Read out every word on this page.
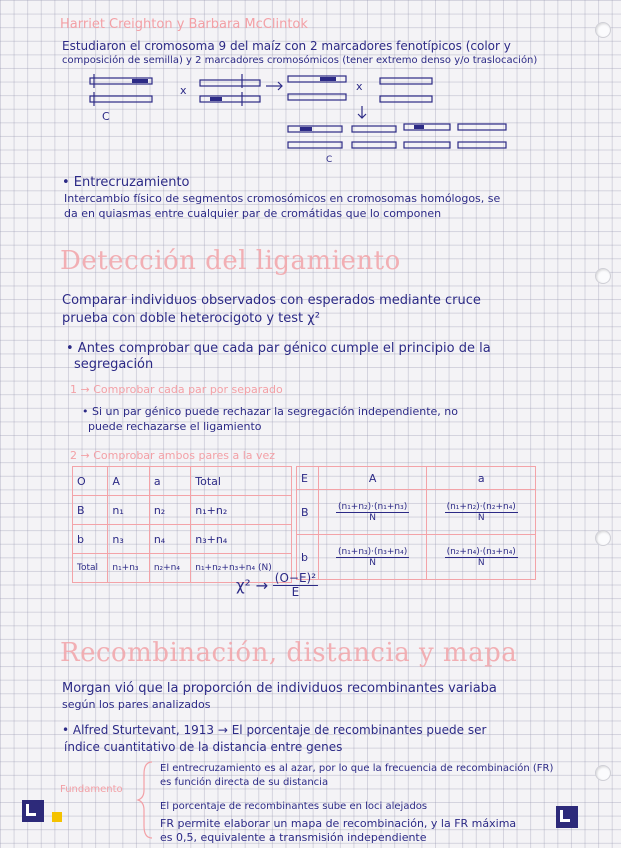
Harriet Creighton y Barbara McClintok
Estudiaron el cromosoma 9 del maíz con 2 marcadores fenotípicos (color y
composición de semilla) y 2 marcadores cromosómicos (tener extremo denso y/o traslocación)
C
x	x
C
• Entrecruzamiento
Intercambio físico de segmentos cromosómicos en cromosomas homólogos, se
da en quiasmas entre cualquier par de cromátidas que lo componen
Detección del ligamiento
Comparar individuos observados con esperados mediante cruce
prueba con doble heterocigoto y test χ²
• Antes comprobar que cada par génico cumple el principio de la
segregación
1 → Comprobar cada par por separado
• Si un par génico puede rechazar la segregación independiente, no
puede rechazarse el ligamiento
2 → Comprobar ambos pares a la vez
O	A	a	Total
B	n₁	n₂	n₁+n₂
b	n₃	n₄	n₃+n₄
Total	n₁+n₃	n₂+n₄	n₁+n₂+n₃+n₄ (N)
E	A	a
B	$\frac{\text{(n₁+n₂)·(n₁+n₃)}}{N}$	$\frac{\text{(n₁+n₂)·(n₂+n₄)}}{N}$

b	$\frac{\text{(n₁+n₃)·(n₃+n₄)}}{N}$	$\frac{\text{(n₂+n₄)·(n₃+n₄)}}{N}$
$\chi^2 \to \frac{\text{(O−E)²}}{E}$
Recombinación, distancia y mapa
Morgan vió que la proporción de individuos recombinantes variaba
según los pares analizados
• Alfred Sturtevant, 1913 → El porcentaje de recombinantes puede ser
índice cuantitativo de la distancia entre genes
Fundamento
El entrecruzamiento es al azar, por lo que la frecuencia de recombinación (FR)
es función directa de su distancia
El porcentaje de recombinantes sube en loci alejados
FR permite elaborar un mapa de recombinación, y la FR máxima
es 0,5, equivalente a transmisión independiente
